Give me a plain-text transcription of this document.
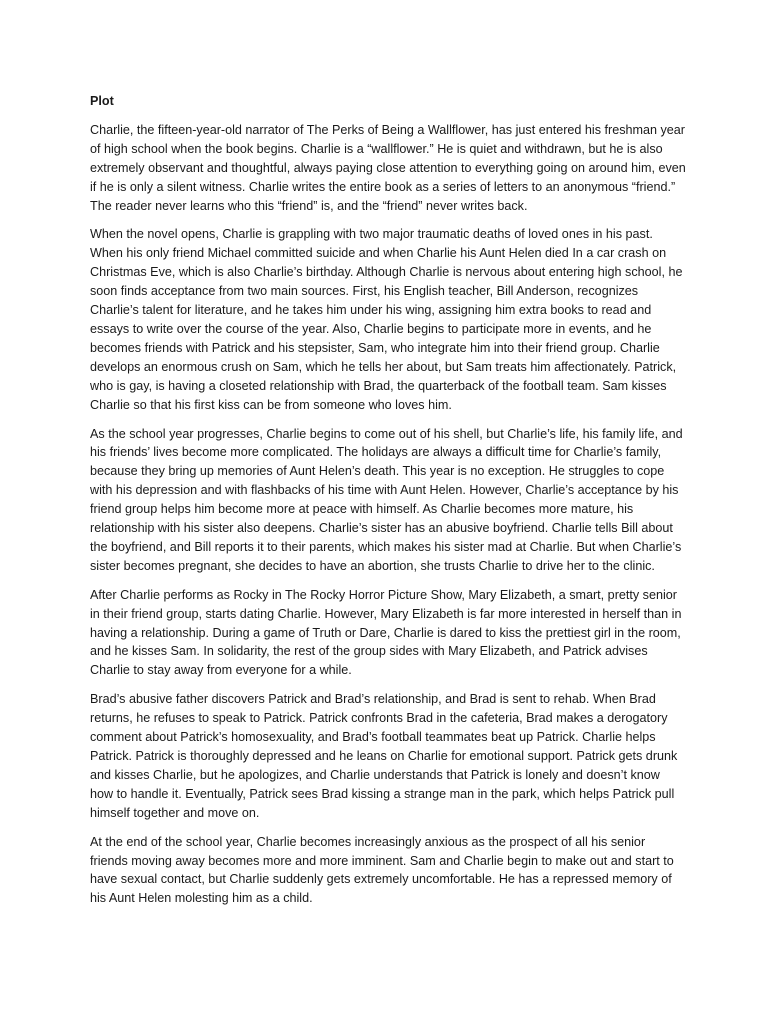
Plot

Charlie, the fifteen-year-old narrator of The Perks of Being a Wallflower, has just entered his freshman year of high school when the book begins. Charlie is a “wallflower.” He is quiet and withdrawn, but he is also extremely observant and thoughtful, always paying close attention to everything going on around him, even if he is only a silent witness. Charlie writes the entire book as a series of letters to an anonymous “friend.” The reader never learns who this “friend” is, and the “friend” never writes back.

When the novel opens, Charlie is grappling with two major traumatic deaths of loved ones in his past. When his only friend Michael committed suicide and when Charlie his Aunt Helen died In a car crash on Christmas Eve, which is also Charlie’s birthday. Although Charlie is nervous about entering high school, he soon finds acceptance from two main sources. First, his English teacher, Bill Anderson, recognizes Charlie’s talent for literature, and he takes him under his wing, assigning him extra books to read and essays to write over the course of the year. Also, Charlie begins to participate more in events, and he becomes friends with Patrick and his stepsister, Sam, who integrate him into their friend group. Charlie develops an enormous crush on Sam, which he tells her about, but Sam treats him affectionately. Patrick, who is gay, is having a closeted relationship with Brad, the quarterback of the football team. Sam kisses Charlie so that his first kiss can be from someone who loves him.

As the school year progresses, Charlie begins to come out of his shell, but Charlie’s life, his family life, and his friends’ lives become more complicated. The holidays are always a difficult time for Charlie’s family, because they bring up memories of Aunt Helen’s death. This year is no exception. He struggles to cope with his depression and with flashbacks of his time with Aunt Helen. However, Charlie’s acceptance by his friend group helps him become more at peace with himself. As Charlie becomes more mature, his relationship with his sister also deepens. Charlie’s sister has an abusive boyfriend. Charlie tells Bill about the boyfriend, and Bill reports it to their parents, which makes his sister mad at Charlie. But when Charlie’s sister becomes pregnant, she decides to have an abortion, she trusts Charlie to drive her to the clinic.

After Charlie performs as Rocky in The Rocky Horror Picture Show, Mary Elizabeth, a smart, pretty senior in their friend group, starts dating Charlie. However, Mary Elizabeth is far more interested in herself than in having a relationship. During a game of Truth or Dare, Charlie is dared to kiss the prettiest girl in the room, and he kisses Sam. In solidarity, the rest of the group sides with Mary Elizabeth, and Patrick advises Charlie to stay away from everyone for a while.

Brad’s abusive father discovers Patrick and Brad’s relationship, and Brad is sent to rehab. When Brad returns, he refuses to speak to Patrick. Patrick confronts Brad in the cafeteria, Brad makes a derogatory comment about Patrick’s homosexuality, and Brad’s football teammates beat up Patrick. Charlie helps Patrick. Patrick is thoroughly depressed and he leans on Charlie for emotional support. Patrick gets drunk and kisses Charlie, but he apologizes, and Charlie understands that Patrick is lonely and doesn’t know how to handle it. Eventually, Patrick sees Brad kissing a strange man in the park, which helps Patrick pull himself together and move on.

At the end of the school year, Charlie becomes increasingly anxious as the prospect of all his senior friends moving away becomes more and more imminent. Sam and Charlie begin to make out and start to have sexual contact, but Charlie suddenly gets extremely uncomfortable. He has a repressed memory of his Aunt Helen molesting him as a child.
